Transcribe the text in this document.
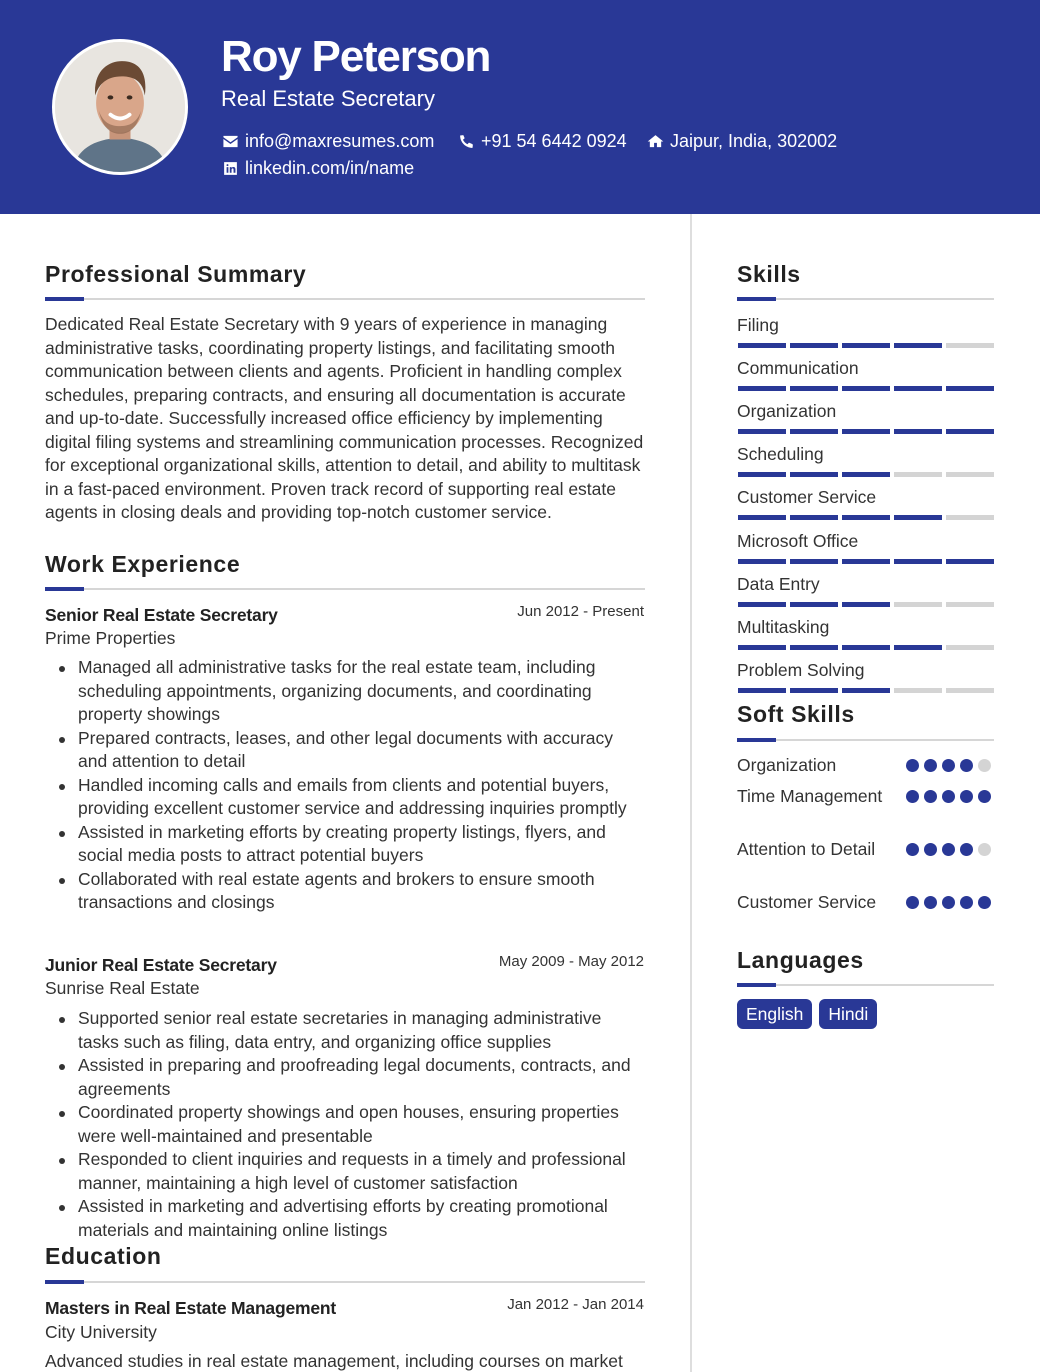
Roy Peterson
Real Estate Secretary
info@maxresumes.com	+91 54 6442 0924 Jaipur, India, 302002
linkedin.com/in/name
Professional Summary
Dedicated Real Estate Secretary with 9 years of experience in managing administrative tasks, coordinating property listings, and facilitating smooth communication between clients and agents. Proficient in handling complex schedules, preparing contracts, and ensuring all documentation is accurate and up-to-date. Successfully increased office efficiency by implementing digital filing systems and streamlining communication processes. Recognized for exceptional organizational skills, attention to detail, and ability to multitask in a fast-paced environment. Proven track record of supporting real estate agents in closing deals and providing top-notch customer service.
Work Experience
Senior Real Estate Secretary	Jun 2012 - Present
Prime Properties
Managed all administrative tasks for the real estate team, including scheduling appointments, organizing documents, and coordinating property showings
Prepared contracts, leases, and other legal documents with accuracy and attention to detail
Handled incoming calls and emails from clients and potential buyers, providing excellent customer service and addressing inquiries promptly
Assisted in marketing efforts by creating property listings, flyers, and social media posts to attract potential buyers
Collaborated with real estate agents and brokers to ensure smooth transactions and closings
Junior Real Estate Secretary	May 2009 - May 2012
Sunrise Real Estate
Supported senior real estate secretaries in managing administrative tasks such as filing, data entry, and organizing office supplies
Assisted in preparing and proofreading legal documents, contracts, and agreements
Coordinated property showings and open houses, ensuring properties were well-maintained and presentable
Responded to client inquiries and requests in a timely and professional manner, maintaining a high level of customer satisfaction
Assisted in marketing and advertising efforts by creating promotional materials and maintaining online listings
Education
Masters in Real Estate Management	Jan 2012 - Jan 2014
City University
Advanced studies in real estate management, including courses on market
Skills
Filing
Communication
Organization
Scheduling
Customer Service
Microsoft Office
Data Entry
Multitasking
Problem Solving
Soft Skills
Organization
Time Management
Attention to Detail
Customer Service
Languages
English	Hindi
